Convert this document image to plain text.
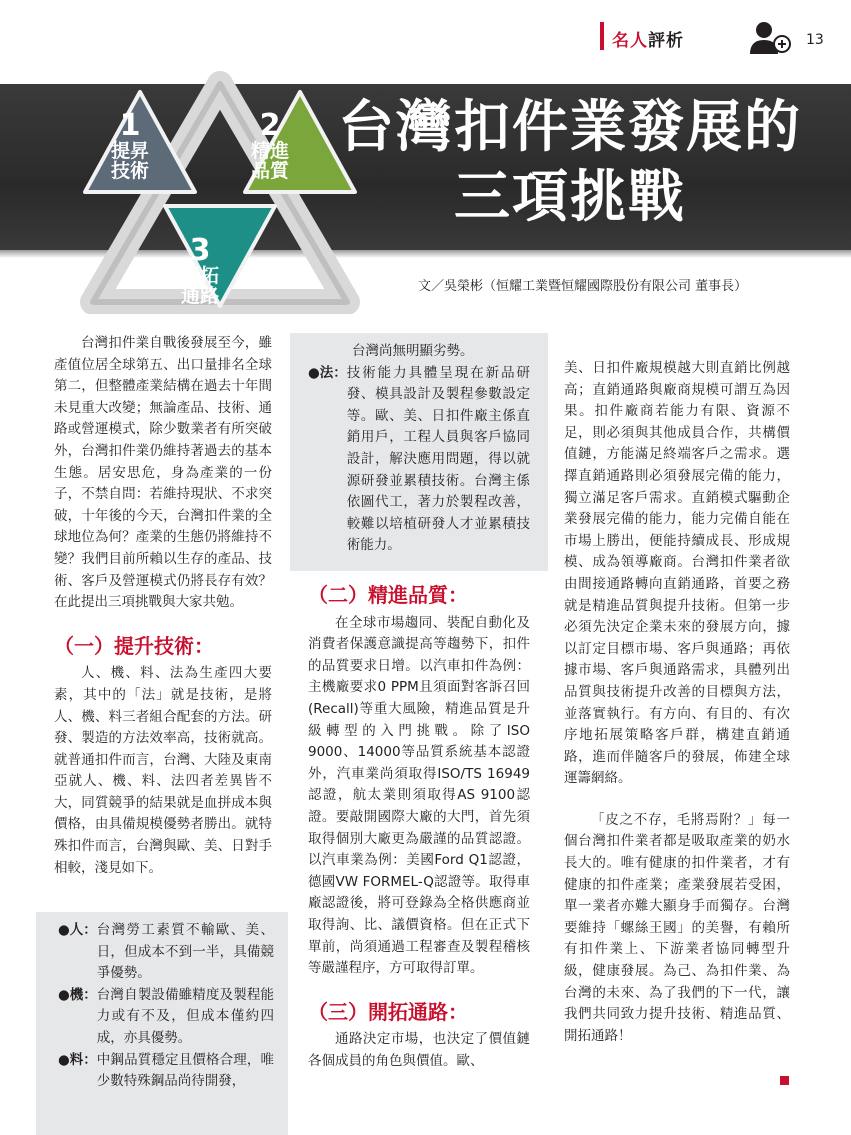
名人評析	13
1
提昇
技術
2
精進
品質
3
開拓
通路
台灣扣件業發展的
三項挑戰
文／吳榮彬（恒耀工業暨恒耀國際股份有限公司 董事長）

台灣扣件業自戰後發展至今，雖產值位居全球第五、出口量排名全球第二，但整體產業結構在過去十年間未見重大改變；無論產品、技術、通路或營運模式，除少數業者有所突破外，台灣扣件業仍維持著過去的基本生態。居安思危，身為產業的一份子，不禁自問：若維持現狀、不求突破，十年後的今天，台灣扣件業的全球地位為何？產業的生態仍將維持不變？我們目前所賴以生存的產品、技術、客戶及營運模式仍將長存有效？在此提出三項挑戰與大家共勉。

（一）提升技術：

人、機、料、法為生產四大要素，其中的「法」就是技術，是將人、機、料三者組合配套的方法。研發、製造的方法效率高，技術就高。就普通扣件而言，台灣、大陸及東南亞就人、機、料、法四者差異皆不大，同質競爭的結果就是血拼成本與價格，由具備規模優勢者勝出。就特殊扣件而言，台灣與歐、美、日對手相較，淺見如下。

●人： 台灣勞工素質不輸歐、美、日，但成本不到一半，具備競爭優勢。
●機： 台灣自製設備雖精度及製程能力或有不及，但成本僅約四成，亦具優勢。
●料： 中鋼品質穩定且價格合理，唯少數特殊鋼品尚待開發，
台灣尚無明顯劣勢。
●法： 技術能力具體呈現在新品研發、模具設計及製程參數設定等。歐、美、日扣件廠主係直銷用戶，工程人員與客戶協同設計，解決應用問題，得以就源研發並累積技術。台灣主係依圖代工，著力於製程改善，較難以培植研發人才並累積技術能力。
（二）精進品質：

在全球市場趨同、裝配自動化及消費者保護意識提高等趨勢下，扣件的品質要求日增。以汽車扣件為例：主機廠要求0 PPM且須面對客訴召回(Recall)等重大風險，精進品質是升級轉型的入門挑戰。除了ISO 9000、14000等品質系統基本認證外，汽車業尚須取得ISO/TS 16949認證，航太業則須取得AS 9100認證。要敲開國際大廠的大門，首先須取得個別大廠更為嚴謹的品質認證。以汽車業為例：美國Ford Q1認證，德國VW FORMEL-Q認證等。取得車廠認證後，將可登錄為全格供應商並取得詢、比、議價資格。但在正式下單前，尚須通過工程審查及製程稽核等嚴謹程序，方可取得訂單。

（三）開拓通路：

通路決定市場，也決定了價值鏈各個成員的角色與價值。歐、

美、日扣件廠規模越大則直銷比例越高；直銷通路與廠商規模可謂互為因果。扣件廠商若能力有限、資源不足，則必須與其他成員合作，共構價值鏈，方能滿足終端客戶之需求。選擇直銷通路則必須發展完備的能力，獨立滿足客戶需求。直銷模式驅動企業發展完備的能力，能力完備自能在市場上勝出，便能持續成長、形成規模、成為領導廠商。台灣扣件業者欲由間接通路轉向直銷通路，首要之務就是精進品質與提升技術。但第一步必須先決定企業未來的發展方向，據以訂定目標市場、客戶與通路；再依據市場、客戶與通路需求，具體列出品質與技術提升改善的目標與方法，並落實執行。有方向、有目的、有次序地拓展策略客戶群，構建直銷通路，進而伴隨客戶的發展，佈建全球運籌網絡。

「皮之不存，毛將焉附？」每一個台灣扣件業者都是吸取產業的奶水長大的。唯有健康的扣件業者，才有健康的扣件產業；產業發展若受困，單一業者亦難大顯身手而獨存。台灣要維持「螺絲王國」的美譽，有賴所有扣件業上、下游業者協同轉型升級，健康發展。為己、為扣件業、為台灣的未來、為了我們的下一代，讓我們共同致力提升技術、精進品質、開拓通路！
